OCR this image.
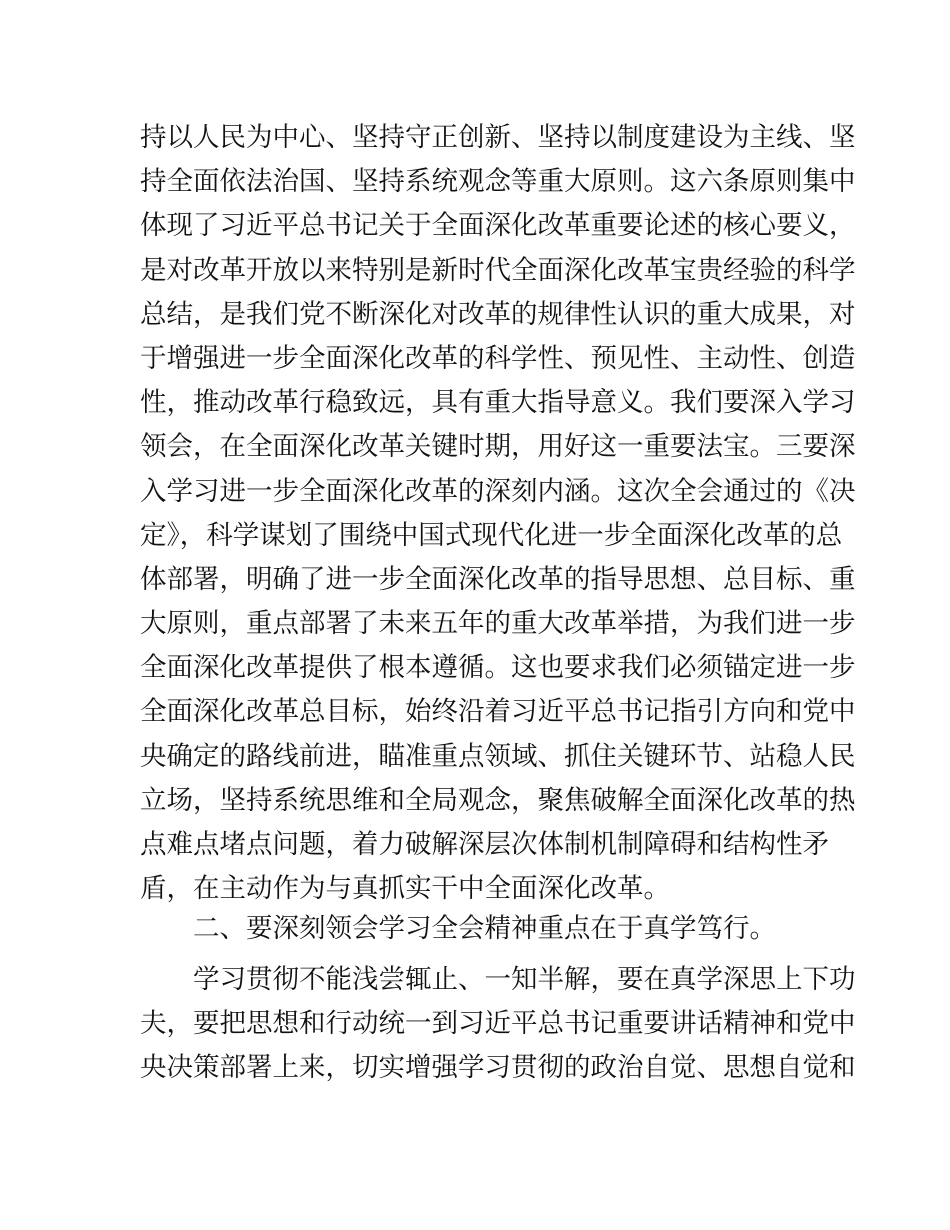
持以人民为中心、坚持守正创新、坚持以制度建设为主线、坚
持全面依法治国、坚持系统观念等重大原则。这六条原则集中
体现了习近平总书记关于全面深化改革重要论述的核心要义，
是对改革开放以来特别是新时代全面深化改革宝贵经验的科学
总结，是我们党不断深化对改革的规律性认识的重大成果，对
于增强进一步全面深化改革的科学性、预见性、主动性、创造
性，推动改革行稳致远，具有重大指导意义。我们要深入学习
领会，在全面深化改革关键时期，用好这一重要法宝。三要深
入学习进一步全面深化改革的深刻内涵。这次全会通过的《决
定》，科学谋划了围绕中国式现代化进一步全面深化改革的总
体部署，明确了进一步全面深化改革的指导思想、总目标、重
大原则，重点部署了未来五年的重大改革举措，为我们进一步
全面深化改革提供了根本遵循。这也要求我们必须锚定进一步
全面深化改革总目标，始终沿着习近平总书记指引方向和党中
央确定的路线前进，瞄准重点领域、抓住关键环节、站稳人民
立场，坚持系统思维和全局观念，聚焦破解全面深化改革的热
点难点堵点问题，着力破解深层次体制机制障碍和结构性矛
盾，在主动作为与真抓实干中全面深化改革。
二、要深刻领会学习全会精神重点在于真学笃行。
学习贯彻不能浅尝辄止、一知半解，要在真学深思上下功
夫，要把思想和行动统一到习近平总书记重要讲话精神和党中
央决策部署上来，切实增强学习贯彻的政治自觉、思想自觉和
